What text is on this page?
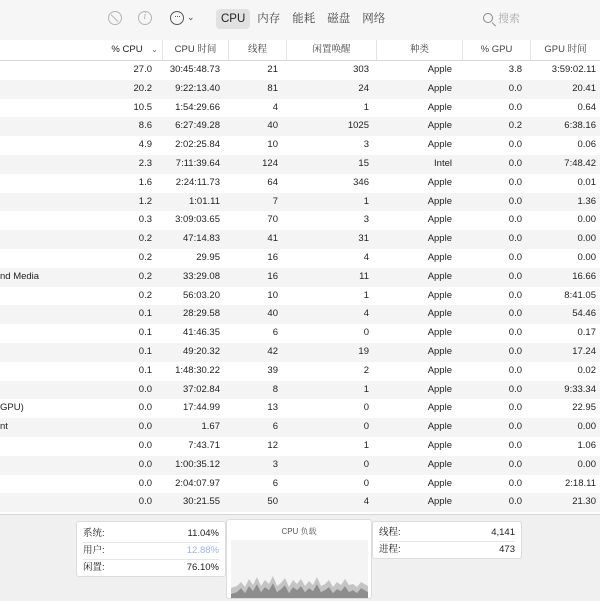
i	··· ⌄	CPU	内存	能耗	磁盘	网络
搜索
% CPU ⌄	CPU 时间	线程	闲置唤醒	种类	% GPU	GPU 时间
27.0	30:45:48.73	21	303	Apple	3.8	3:59:02.11
20.2	9:22:13.40	81	24	Apple	0.0	20.41
10.5	1:54:29.66	4	1	Apple	0.0	0.64
8.6	6:27:49.28	40	1025	Apple	0.2	6:38.16
4.9	2:02:25.84	10	3	Apple	0.0	0.06
2.3	7:11:39.64	124	15	Intel	0.0	7:48.42
1.6	2:24:11.73	64	346	Apple	0.0	0.01
1.2	1:01.11	7	1	Apple	0.0	1.36
0.3	3:09:03.65	70	3	Apple	0.0	0.00
0.2	47:14.83	41	31	Apple	0.0	0.00
0.2	29.95	16	4	Apple	0.0	0.00
nd Media	0.2	33:29.08	16	11	Apple	0.0	16.66
0.2	56:03.20	10	1	Apple	0.0	8:41.05
0.1	28:29.58	40	4	Apple	0.0	54.46
0.1	41:46.35	6	0	Apple	0.0	0.17
0.1	49:20.32	42	19	Apple	0.0	17.24
0.1	1:48:30.22	39	2	Apple	0.0	0.02
0.0	37:02.84	8	1	Apple	0.0	9:33.34
GPU)	0.0	17:44.99	13	0	Apple	0.0	22.95
nt	0.0	1.67	6	0	Apple	0.0	0.00
0.0	7:43.71	12	1	Apple	0.0	1.06
0.0	1:00:35.12	3	0	Apple	0.0	0.00
0.0	2:04:07.97	6	0	Apple	0.0	2:18.11
0.0	30:21.55	50	4	Apple	0.0	21.30
系统:	11.04%
用户:	12.88%
闲置:	76.10%
CPU 负载	线程:	4,141
进程:	473
